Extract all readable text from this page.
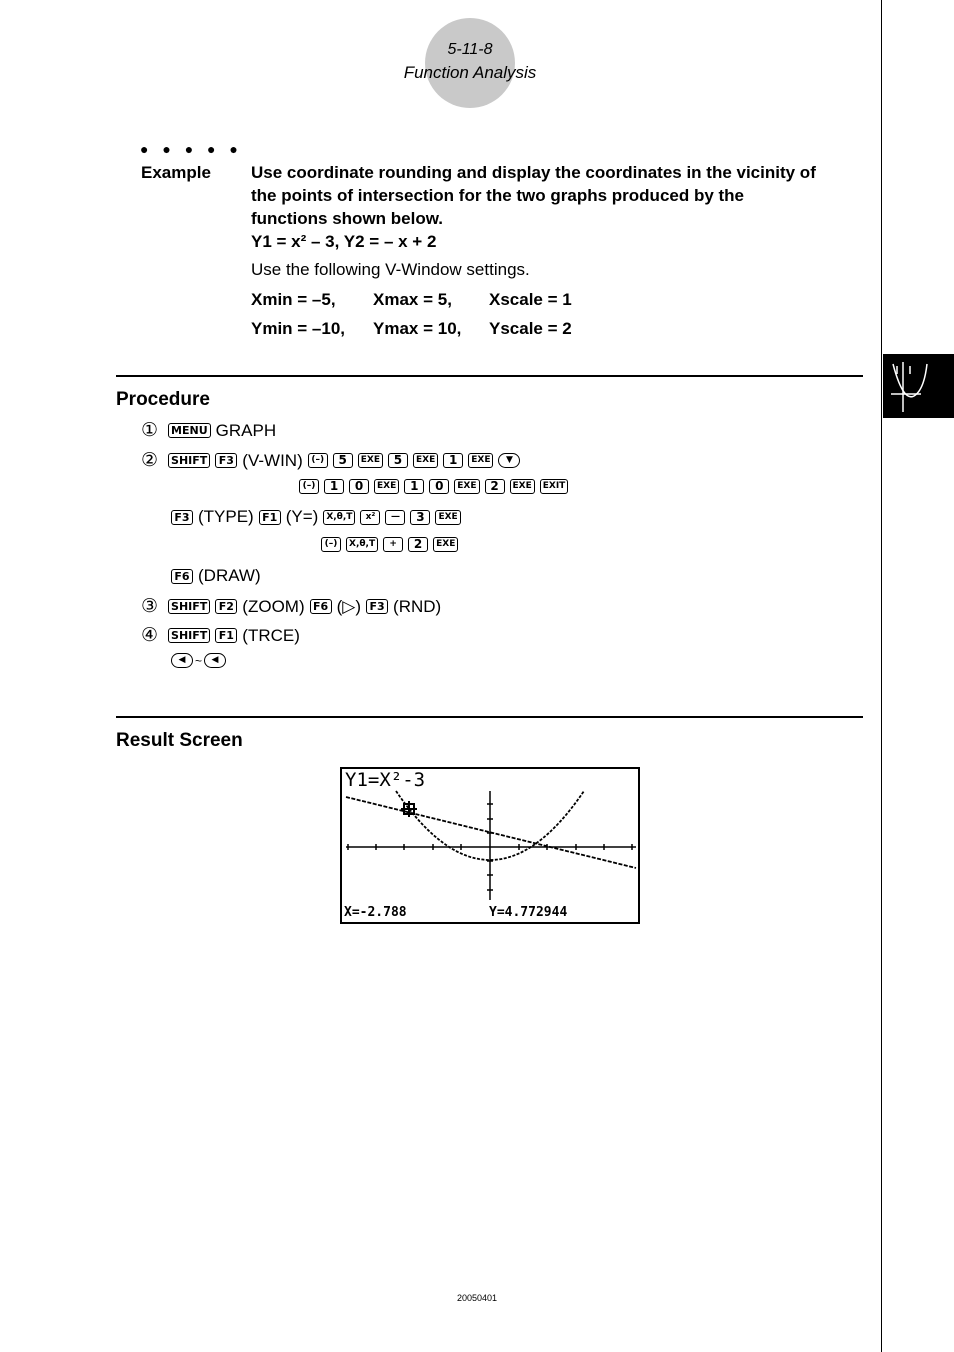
5-11-8
Function Analysis
● ● ● ● ●
Example Use coordinate rounding and display the coordinates in the vicinity of
the points of intersection for the two graphs produced by the
functions shown below.
Y1 = x² – 3, Y2 = – x + 2
Use the following V-Window settings.
Xmin = –5, Xmax = 5, Xscale = 1
Ymin = –10, Ymax = 10, Yscale = 2
Procedure
① MENU GRAPH
② SHIFT	F3 (V-WIN) (–)	5	EXE	5	EXE	1	EXE	▼
(–)	1	0	EXE	1	0	EXE	2	EXE	EXIT
F3 (TYPE) F1 (Y=) X,θ,T	x²	—	3	EXE
(–)	X,θ,T	+	2	EXE
F6 (DRAW)
③ SHIFT	F2 (ZOOM) F6 (▷) F3 (RND)
④ SHIFT	F1 (TRCE)
◀ ~	◀
Result Screen
Y1=X²-3
X=-2.788	Y=4.772944
20050401
